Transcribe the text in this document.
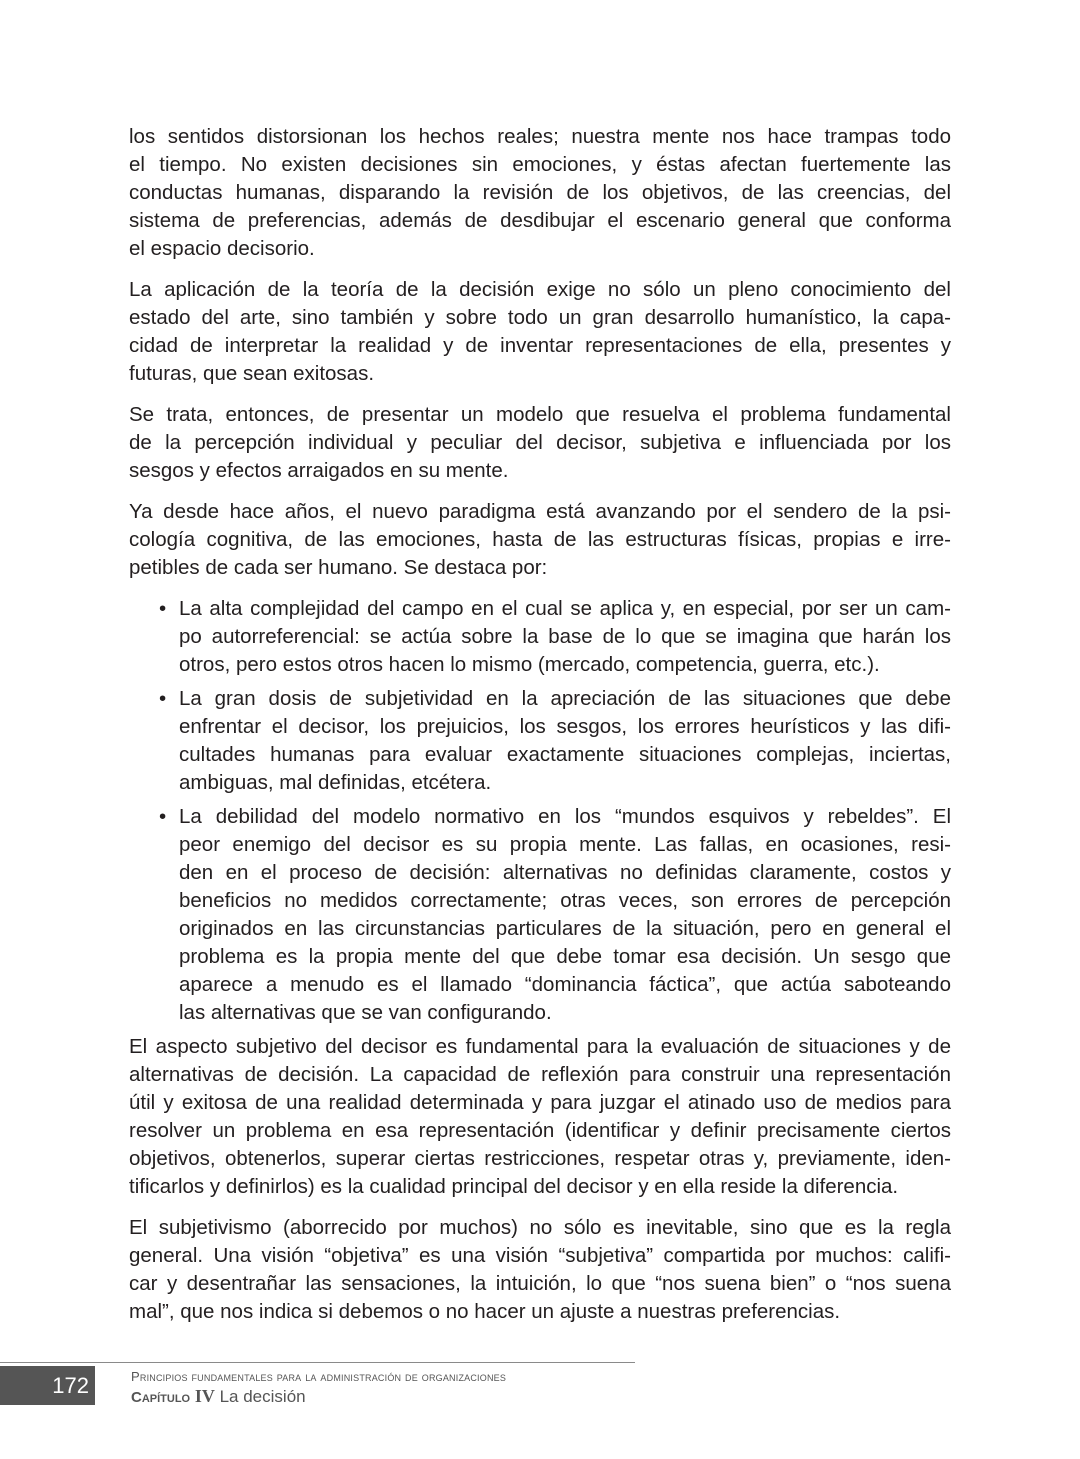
los sentidos distorsionan los hechos reales; nuestra mente nos hace trampas todo
el tiempo. No existen decisiones sin emociones, y éstas afectan fuertemente las
conductas humanas, disparando la revisión de los objetivos, de las creencias, del
sistema de preferencias, además de desdibujar el escenario general que conforma
el espacio decisorio.
La aplicación de la teoría de la decisión exige no sólo un pleno conocimiento del
estado del arte, sino también y sobre todo un gran desarrollo humanístico, la capa-
cidad de interpretar la realidad y de inventar representaciones de ella, presentes y
futuras, que sean exitosas.
Se trata, entonces, de presentar un modelo que resuelva el problema fundamental
de la percepción individual y peculiar del decisor, subjetiva e influenciada por los
sesgos y efectos arraigados en su mente.
Ya desde hace años, el nuevo paradigma está avanzando por el sendero de la psi-
cología cognitiva, de las emociones, hasta de las estructuras físicas, propias e irre-
petibles de cada ser humano. Se destaca por:
• La alta complejidad del campo en el cual se aplica y, en especial, por ser un cam-
po autorreferencial: se actúa sobre la base de lo que se imagina que harán los
otros, pero estos otros hacen lo mismo (mercado, competencia, guerra, etc.).
• La gran dosis de subjetividad en la apreciación de las situaciones que debe
enfrentar el decisor, los prejuicios, los sesgos, los errores heurísticos y las difi-
cultades humanas para evaluar exactamente situaciones complejas, inciertas,
ambiguas, mal definidas, etcétera.
• La debilidad del modelo normativo en los “mundos esquivos y rebeldes”. El
peor enemigo del decisor es su propia mente. Las fallas, en ocasiones, resi-
den en el proceso de decisión: alternativas no definidas claramente, costos y
beneficios no medidos correctamente; otras veces, son errores de percepción
originados en las circunstancias particulares de la situación, pero en general el
problema es la propia mente del que debe tomar esa decisión. Un sesgo que
aparece a menudo es el llamado “dominancia fáctica”, que actúa saboteando
las alternativas que se van configurando.
El aspecto subjetivo del decisor es fundamental para la evaluación de situaciones y de
alternativas de decisión. La capacidad de reflexión para construir una representación
útil y exitosa de una realidad determinada y para juzgar el atinado uso de medios para
resolver un problema en esa representación (identificar y definir precisamente ciertos
objetivos, obtenerlos, superar ciertas restricciones, respetar otras y, previamente, iden-
tificarlos y definirlos) es la cualidad principal del decisor y en ella reside la diferencia.
El subjetivismo (aborrecido por muchos) no sólo es inevitable, sino que es la regla
general. Una visión “objetiva” es una visión “subjetiva” compartida por muchos: califi-
car y desentrañar las sensaciones, la intuición, lo que “nos suena bien” o “nos suena
mal”, que nos indica si debemos o no hacer un ajuste a nuestras preferencias.
172	Principios fundamentales para la administración de organizaciones
Capítulo IV La decisión
